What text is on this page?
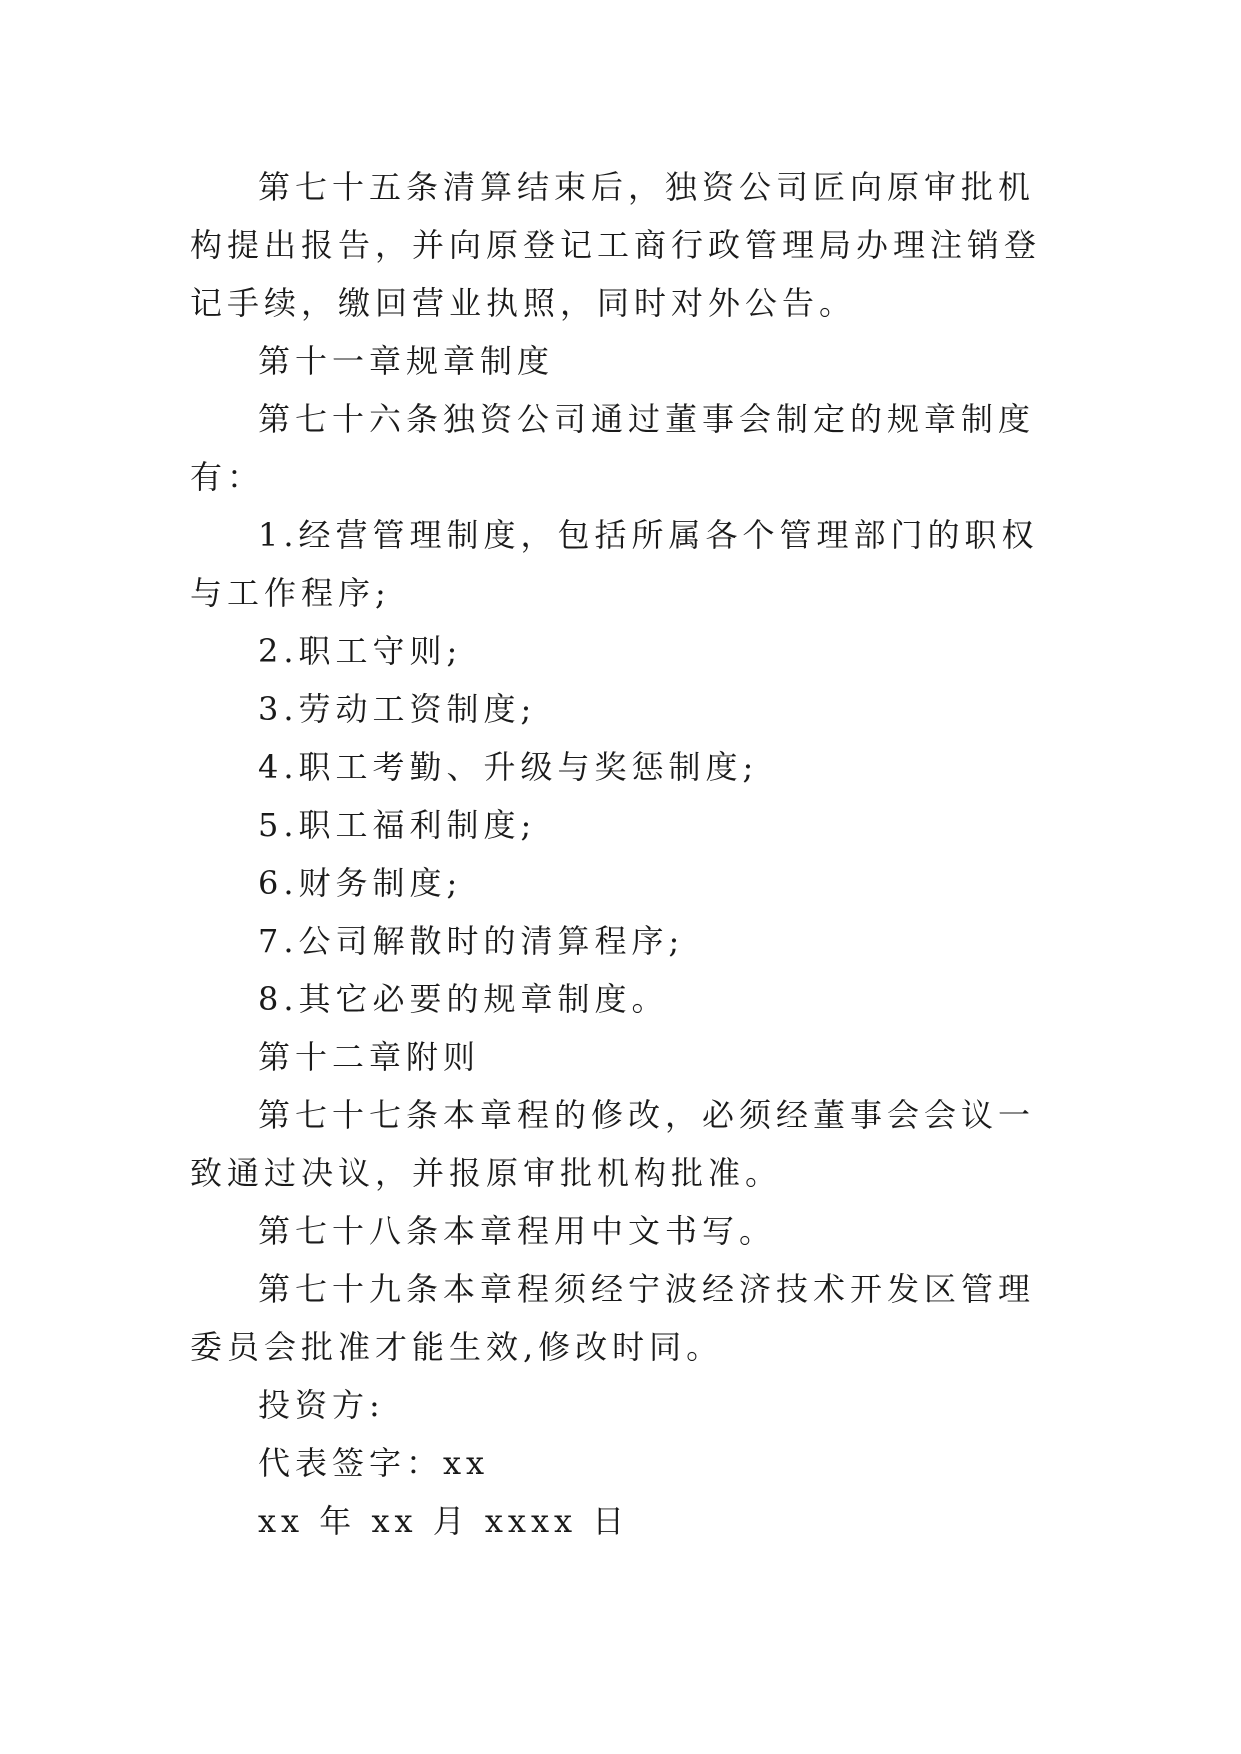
第七十五条清算结束后，独资公司匠向原审批机构提出报告，并向原登记工商行政管理局办理注销登记手续，缴回营业执照，同时对外公告。

第十一章规章制度

第七十六条独资公司通过董事会制定的规章制度有：

1.经营管理制度，包括所属各个管理部门的职权与工作程序;

2.职工守则;

3.劳动工资制度;

4.职工考勤、升级与奖惩制度;

5.职工福利制度;

6.财务制度;

7.公司解散时的清算程序;

8.其它必要的规章制度。

第十二章附则

第七十七条本章程的修改，必须经董事会会议一致通过决议，并报原审批机构批准。

第七十八条本章程用中文书写。

第七十九条本章程须经宁波经济技术开发区管理委员会批准才能生效,修改时同。

投资方:

代表签字：xx

xx 年 xx 月 xxxx 日
